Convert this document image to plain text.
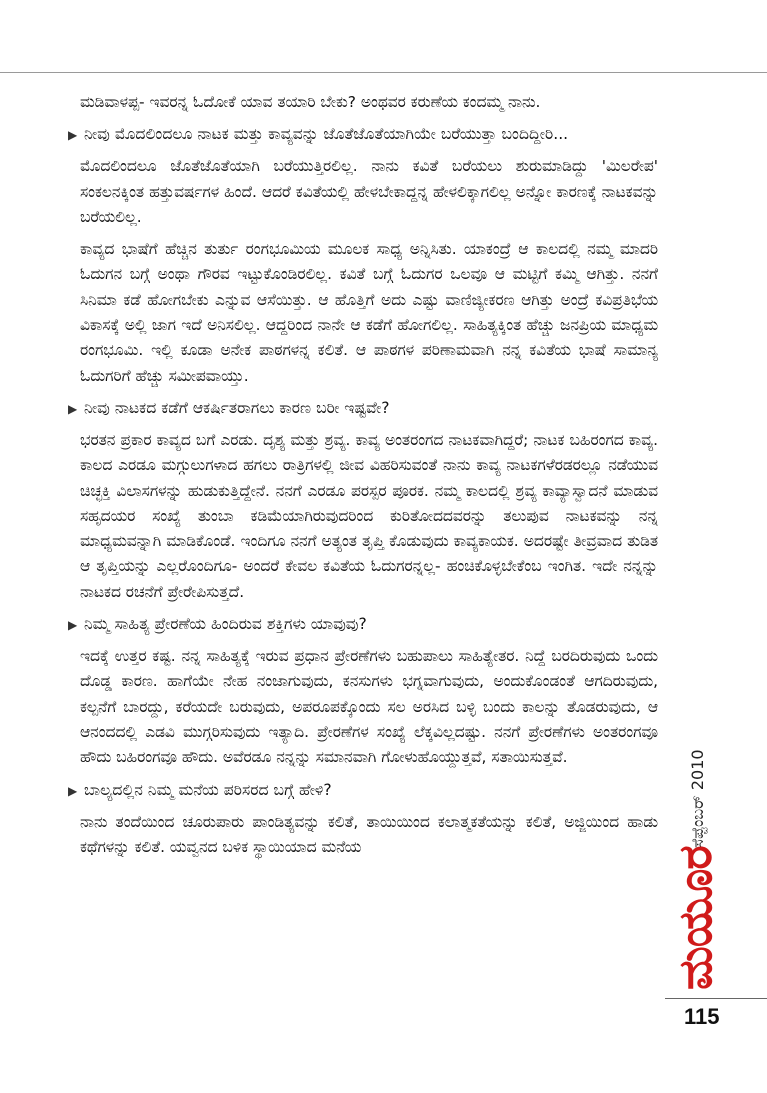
ಮಡಿವಾಳಪ್ಪ- ಇವರನ್ನ ಓದೋಕೆ ಯಾವ ತಯಾರಿ ಬೇಕು? ಅಂಥವರ ಕರುಣೆಯ ಕಂದಮ್ಮ ನಾನು.

▶ ನೀವು ಮೊದಲಿಂದಲೂ ನಾಟಕ ಮತ್ತು ಕಾವ್ಯವನ್ನು ಜೊತೆಜೊತೆಯಾಗಿಯೇ ಬರೆಯುತ್ತಾ ಬಂದಿದ್ದೀರಿ...

ಮೊದಲಿಂದಲೂ ಜೊತೆಜೊತೆಯಾಗಿ ಬರೆಯುತ್ತಿರಲಿಲ್ಲ. ನಾನು ಕವಿತೆ ಬರೆಯಲು ಶುರುಮಾಡಿದ್ದು 'ಮಿಲರೇಪ' ಸಂಕಲನಕ್ಕಿಂತ ಹತ್ತುವರ್ಷಗಳ ಹಿಂದೆ. ಆದರೆ ಕವಿತೆಯಲ್ಲಿ ಹೇಳಬೇಕಾದ್ದನ್ನ ಹೇಳಲಿಕ್ಕಾಗಲಿಲ್ಲ ಅನ್ನೋ ಕಾರಣಕ್ಕೆ ನಾಟಕವನ್ನು ಬರೆಯಲಿಲ್ಲ.

ಕಾವ್ಯದ ಭಾಷೆಗೆ ಹೆಚ್ಚಿನ ತುರ್ತು ರಂಗಭೂಮಿಯ ಮೂಲಕ ಸಾಧ್ಯ ಅನ್ನಿಸಿತು. ಯಾಕಂದ್ರೆ ಆ ಕಾಲದಲ್ಲಿ ನಮ್ಮ ಮಾದರಿ ಓದುಗನ ಬಗ್ಗೆ ಅಂಥಾ ಗೌರವ ಇಟ್ಟುಕೊಂಡಿರಲಿಲ್ಲ. ಕವಿತೆ ಬಗ್ಗೆ ಓದುಗರ ಒಲವೂ ಆ ಮಟ್ಟಿಗೆ ಕಮ್ಮಿ ಆಗಿತ್ತು. ನನಗೆ ಸಿನಿಮಾ ಕಡೆ ಹೋಗಬೇಕು ಎನ್ನುವ ಆಸೆಯಿತ್ತು. ಆ ಹೊತ್ತಿಗೆ ಅದು ಎಷ್ಟು ವಾಣಿಜ್ಯೀಕರಣ ಆಗಿತ್ತು ಅಂದ್ರೆ ಕವಿಪ್ರತಿಭೆಯ ವಿಕಾಸಕ್ಕೆ ಅಲ್ಲಿ ಜಾಗ ಇದೆ ಅನಿಸಲಿಲ್ಲ. ಆದ್ದರಿಂದ ನಾನೇ ಆ ಕಡೆಗೆ ಹೋಗಲಿಲ್ಲ. ಸಾಹಿತ್ಯಕ್ಕಿಂತ ಹೆಚ್ಚು ಜನಪ್ರಿಯ ಮಾಧ್ಯಮ ರಂಗಭೂಮಿ. ಇಲ್ಲಿ ಕೂಡಾ ಅನೇಕ ಪಾಠಗಳನ್ನ ಕಲಿತೆ. ಆ ಪಾಠಗಳ ಪರಿಣಾಮವಾಗಿ ನನ್ನ ಕವಿತೆಯ ಭಾಷೆ ಸಾಮಾನ್ಯ ಓದುಗರಿಗೆ ಹೆಚ್ಚು ಸಮೀಪವಾಯ್ತು.

▶ ನೀವು ನಾಟಕದ ಕಡೆಗೆ ಆಕರ್ಷಿತರಾಗಲು ಕಾರಣ ಬರೀ ಇಷ್ಟವೇ?

ಭರತನ ಪ್ರಕಾರ ಕಾವ್ಯದ ಬಗೆ ಎರಡು. ದೃಶ್ಯ ಮತ್ತು ಶ್ರವ್ಯ. ಕಾವ್ಯ ಅಂತರಂಗದ ನಾಟಕವಾಗಿದ್ದರೆ; ನಾಟಕ ಬಹಿರಂಗದ ಕಾವ್ಯ. ಕಾಲದ ಎರಡೂ ಮಗ್ಗುಲುಗಳಾದ ಹಗಲು ರಾತ್ರಿಗಳಲ್ಲಿ ಜೀವ ವಿಹರಿಸುವಂತೆ ನಾನು ಕಾವ್ಯ ನಾಟಕಗಳೆರಡರಲ್ಲೂ ನಡೆಯುವ ಚಿಚ್ಛಕ್ತಿ ವಿಲಾಸಗಳನ್ನು ಹುಡುಕುತ್ತಿದ್ದೇನೆ. ನನಗೆ ಎರಡೂ ಪರಸ್ಪರ ಪೂರಕ. ನಮ್ಮ ಕಾಲದಲ್ಲಿ ಶ್ರವ್ಯ ಕಾವ್ಯಾಸ್ವಾದನೆ ಮಾಡುವ ಸಹೃದಯರ ಸಂಖ್ಯೆ ತುಂಬಾ ಕಡಿಮೆಯಾಗಿರುವುದರಿಂದ ಕುರಿತೋದದವರನ್ನು ತಲುಪುವ ನಾಟಕವನ್ನು ನನ್ನ ಮಾಧ್ಯಮವನ್ನಾಗಿ ಮಾಡಿಕೊಂಡೆ. ಇಂದಿಗೂ ನನಗೆ ಅತ್ಯಂತ ತೃಪ್ತಿ ಕೊಡುವುದು ಕಾವ್ಯಕಾಯಕ. ಅದರಷ್ಟೇ ತೀವ್ರವಾದ ತುಡಿತ ಆ ತೃಪ್ತಿಯನ್ನು ಎಲ್ಲರೊಂದಿಗೂ- ಅಂದರೆ ಕೇವಲ ಕವಿತೆಯ ಓದುಗರನ್ನಲ್ಲ- ಹಂಚಿಕೊಳ್ಳಬೇಕೆಂಬ ಇಂಗಿತ. ಇದೇ ನನ್ನನ್ನು ನಾಟಕದ ರಚನೆಗೆ ಪ್ರೇರೇಪಿಸುತ್ತದೆ.

▶ ನಿಮ್ಮ ಸಾಹಿತ್ಯ ಪ್ರೇರಣೆಯ ಹಿಂದಿರುವ ಶಕ್ತಿಗಳು ಯಾವುವು?

ಇದಕ್ಕೆ ಉತ್ತರ ಕಷ್ಟ. ನನ್ನ ಸಾಹಿತ್ಯಕ್ಕೆ ಇರುವ ಪ್ರಧಾನ ಪ್ರೇರಣೆಗಳು ಬಹುಪಾಲು ಸಾಹಿತ್ಯೇತರ. ನಿದ್ದೆ ಬರದಿರುವುದು ಒಂದು ದೊಡ್ಡ ಕಾರಣ. ಹಾಗೆಯೇ ನೇಹ ನಂಜಾಗುವುದು, ಕನಸುಗಳು ಭಗ್ನವಾಗುವುದು, ಅಂದುಕೊಂಡಂತೆ ಆಗದಿರುವುದು, ಕಲ್ಪನೆಗೆ ಬಾರದ್ದು, ಕರೆಯದೇ ಬರುವುದು, ಅಪರೂಪಕ್ಕೊಂದು ಸಲ ಅರಸಿದ ಬಳ್ಳಿ ಬಂದು ಕಾಲನ್ನು ತೊಡರುವುದು, ಆ ಆನಂದದಲ್ಲಿ ಎಡವಿ ಮುಗ್ಗರಿಸುವುದು ಇತ್ಯಾದಿ. ಪ್ರೇರಣೆಗಳ ಸಂಖ್ಯೆ ಲೆಕ್ಕವಿಲ್ಲದಷ್ಟು. ನನಗೆ ಪ್ರೇರಣೆಗಳು ಅಂತರಂಗವೂ ಹೌದು ಬಹಿರಂಗವೂ ಹೌದು. ಅವೆರಡೂ ನನ್ನನ್ನು ಸಮಾನವಾಗಿ ಗೋಳುಹೊಯ್ದುತ್ತವೆ, ಸತಾಯಿಸುತ್ತವೆ.

▶ ಬಾಲ್ಯದಲ್ಲಿನ ನಿಮ್ಮ ಮನೆಯ ಪರಿಸರದ ಬಗ್ಗೆ ಹೇಳಿ?

ನಾನು ತಂದೆಯಿಂದ ಚೂರುಪಾರು ಪಾಂಡಿತ್ಯವನ್ನು ಕಲಿತೆ, ತಾಯಿಯಿಂದ ಕಲಾತ್ಮಕತೆಯನ್ನು ಕಲಿತೆ, ಅಜ್ಜಿಯಿಂದ ಹಾಡು ಕಥೆಗಳನ್ನು ಕಲಿತೆ. ಯವ್ವನದ ಬಳಿಕ ಸ್ಥಾಯಿಯಾದ ಮನೆಯ	ಸೆಪ್ಟೆಂಬರ್ 2010
ಮಯೂರ
115
